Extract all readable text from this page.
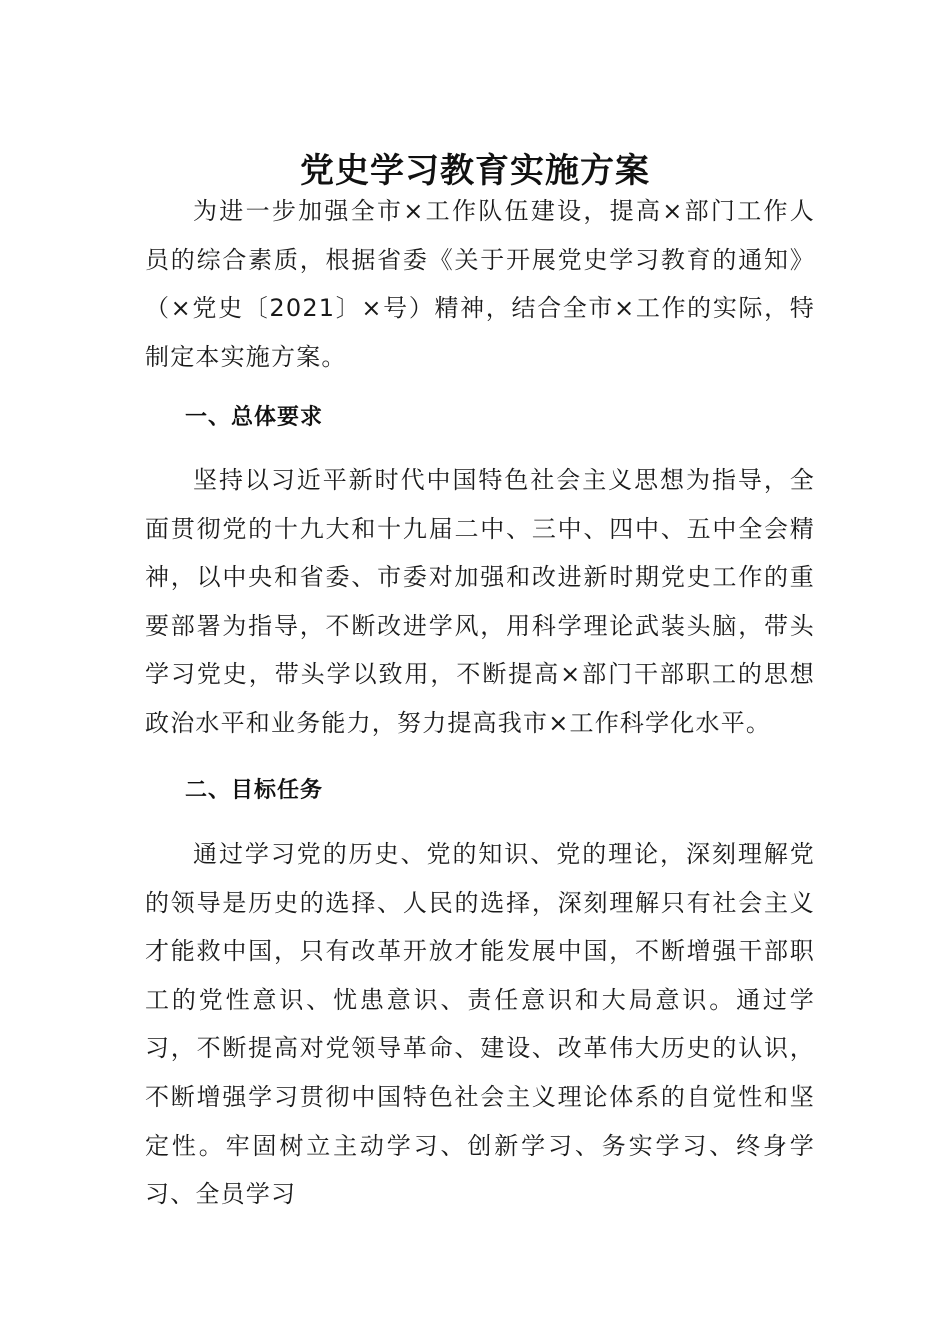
党史学习教育实施方案

为进一步加强全市×工作队伍建设，提高×部门工作人员的综合素质，根据省委《关于开展党史学习教育的通知》（×党史〔2021〕×号）精神，结合全市×工作的实际，特制定本实施方案。

一、总体要求

坚持以习近平新时代中国特色社会主义思想为指导，全面贯彻党的十九大和十九届二中、三中、四中、五中全会精神，以中央和省委、市委对加强和改进新时期党史工作的重要部署为指导，不断改进学风，用科学理论武装头脑，带头学习党史，带头学以致用，不断提高×部门干部职工的思想政治水平和业务能力，努力提高我市×工作科学化水平。

二、目标任务

通过学习党的历史、党的知识、党的理论，深刻理解党的领导是历史的选择、人民的选择，深刻理解只有社会主义才能救中国，只有改革开放才能发展中国，不断增强干部职工的党性意识、忧患意识、责任意识和大局意识。通过学习，不断提高对党领导革命、建设、改革伟大历史的认识，不断增强学习贯彻中国特色社会主义理论体系的自觉性和坚定性。牢固树立主动学习、创新学习、务实学习、终身学习、全员学习
